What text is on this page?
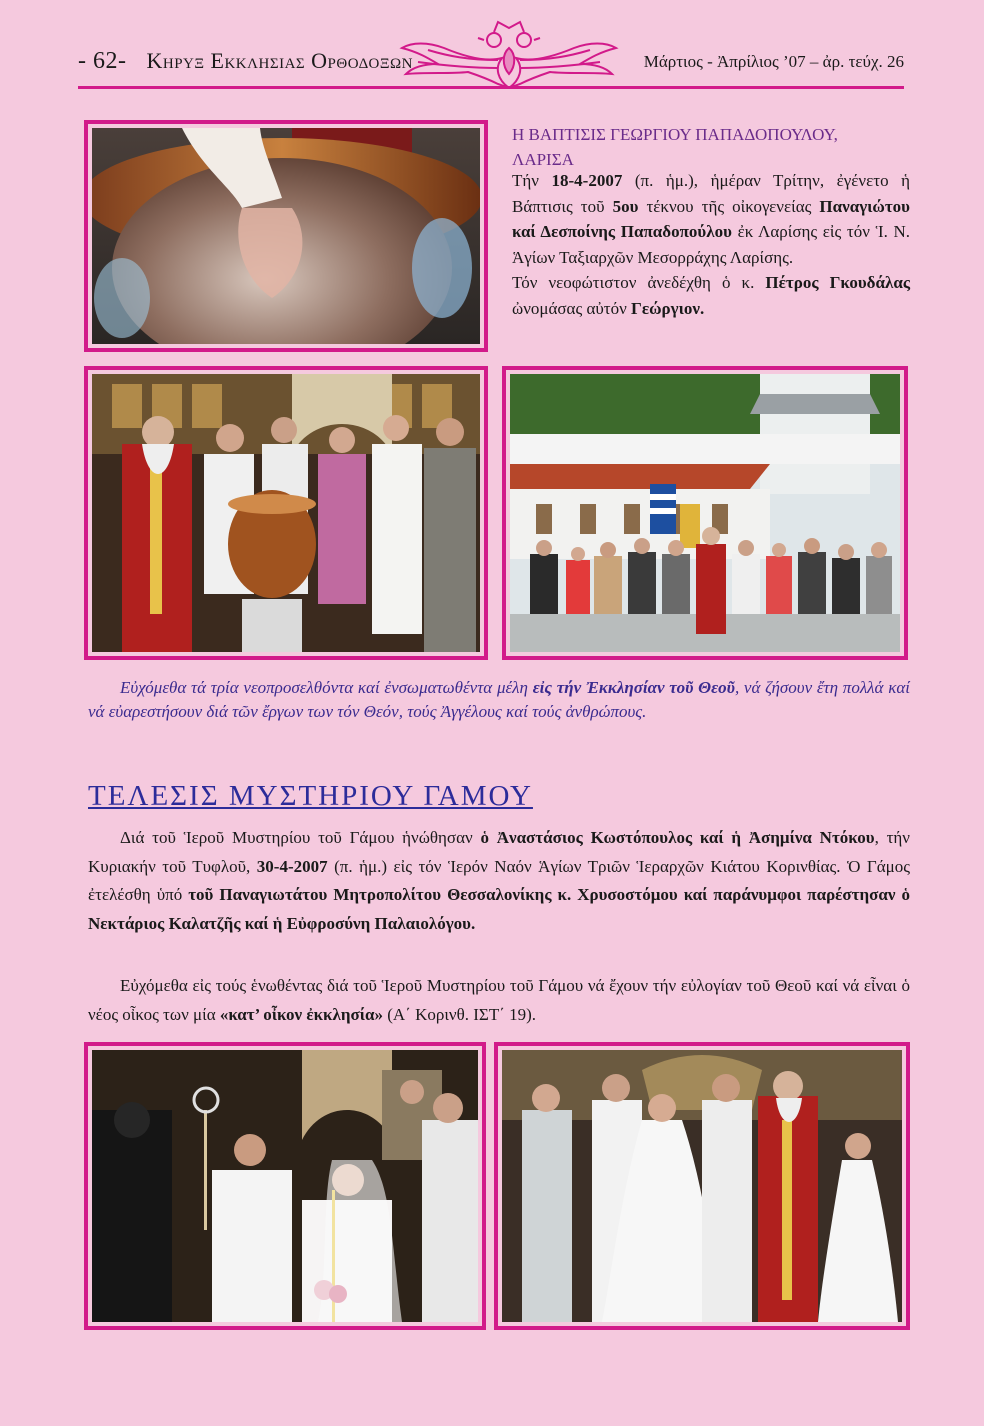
- 62- Κηρυξ Εκκλησιας Ορθοδοξων	Μάρτιος - Ἀπρίλιος ’07 – ἀρ. τεύχ. 26
Η ΒΑΠΤΙΣΙΣ ΓΕΩΡΓΙΟΥ ΠΑΠΑΔΟΠΟΥΛΟΥ,
ΛΑΡΙΣΑ
Τήν 18-4-2007 (π. ἡμ.), ἡμέραν Τρίτην, ἐγένετο ἡ Βάπτισις τοῦ 5ου τέκνου τῆς οἰκογενείας Παναγιώτου καί Δεσποίνης Παπαδοπούλου ἐκ Λαρίσης εἰς τόν Ἱ. Ν. Ἁγίων Ταξιαρχῶν Μεσορράχης Λαρίσης.
Τόν νεοφώτιστον ἀνεδέχθη ὁ κ. Πέτρος Γκουδάλας ὠνομάσας αὐτόν Γεώργιον.
Εὐχόμεθα τά τρία νεοπροσελθόντα καί ἐνσωματωθέντα μέλη εἰς τήν Ἐκκλησίαν τοῦ Θεοῦ, νά ζήσουν ἔτη πολλά καί νά εὐαρεστήσουν διά τῶν ἔργων των τόν Θεόν, τούς Ἀγγέλους καί τούς ἀνθρώπους.
ΤΕΛΕΣΙΣ ΜΥΣΤΗΡΙΟΥ ΓΑΜΟΥ
Διά τοῦ Ἱεροῦ Μυστηρίου τοῦ Γάμου ἡνώθησαν ὁ Ἀναστάσιος Κωστόπουλος καί ἡ Ἀσημίνα Ντόκου, τήν Κυριακήν τοῦ Τυφλοῦ, 30-4-2007 (π. ἡμ.) εἰς τόν Ἱερόν Ναόν Ἁγίων Τριῶν Ἱεραρχῶν Κιάτου Κορινθίας. Ὁ Γάμος ἐτελέσθη ὑπό τοῦ Παναγιωτάτου Μητροπολίτου Θεσσαλονίκης κ. Χρυσοστόμου καί παράνυμφοι παρέστησαν ὁ Νεκτάριος Καλατζῆς καί ἡ Εὐφροσύνη Παλαιολόγου.
Εὐχόμεθα εἰς τούς ἑνωθέντας διά τοῦ Ἱεροῦ Μυστηρίου τοῦ Γάμου νά ἔχουν τήν εὐλογίαν τοῦ Θεοῦ καί νά εἶναι ὁ νέος οἶκος των μία «κατ’ οἶκον ἐκκλησία» (Α΄ Κορινθ. ΙΣΤ΄ 19).
